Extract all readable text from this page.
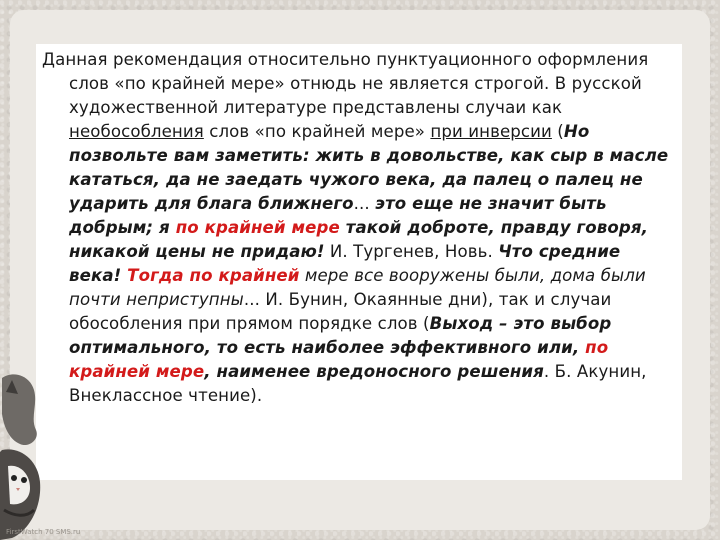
Данная рекомендация относительно пунктуационного оформления слов «по крайней мере» отнюдь не является строгой. В русской художественной литературе представлены случаи как необособления слов «по крайней мере» при инверсии (Но позвольте вам заметить: жить в довольстве, как сыр в масле кататься, да не заедать чужого века, да палец о палец не ударить для блага ближнего... это еще не значит быть добрым; я по крайней мере такой доброте, правду говоря, никакой цены не придаю! И. Тургенев, Новь. Что средние века! Тогда по крайней мере все вооружены были, дома были почти неприступны... И. Бунин, Окаянные дни), так и случаи обособления при прямом порядке слов (Выход – это выбор оптимального, то есть наиболее эффективного или, по крайней мере, наименее вредоносного решения. Б. Акунин, Внеклассное чтение).

FirstWatch 70 SMS.ru
